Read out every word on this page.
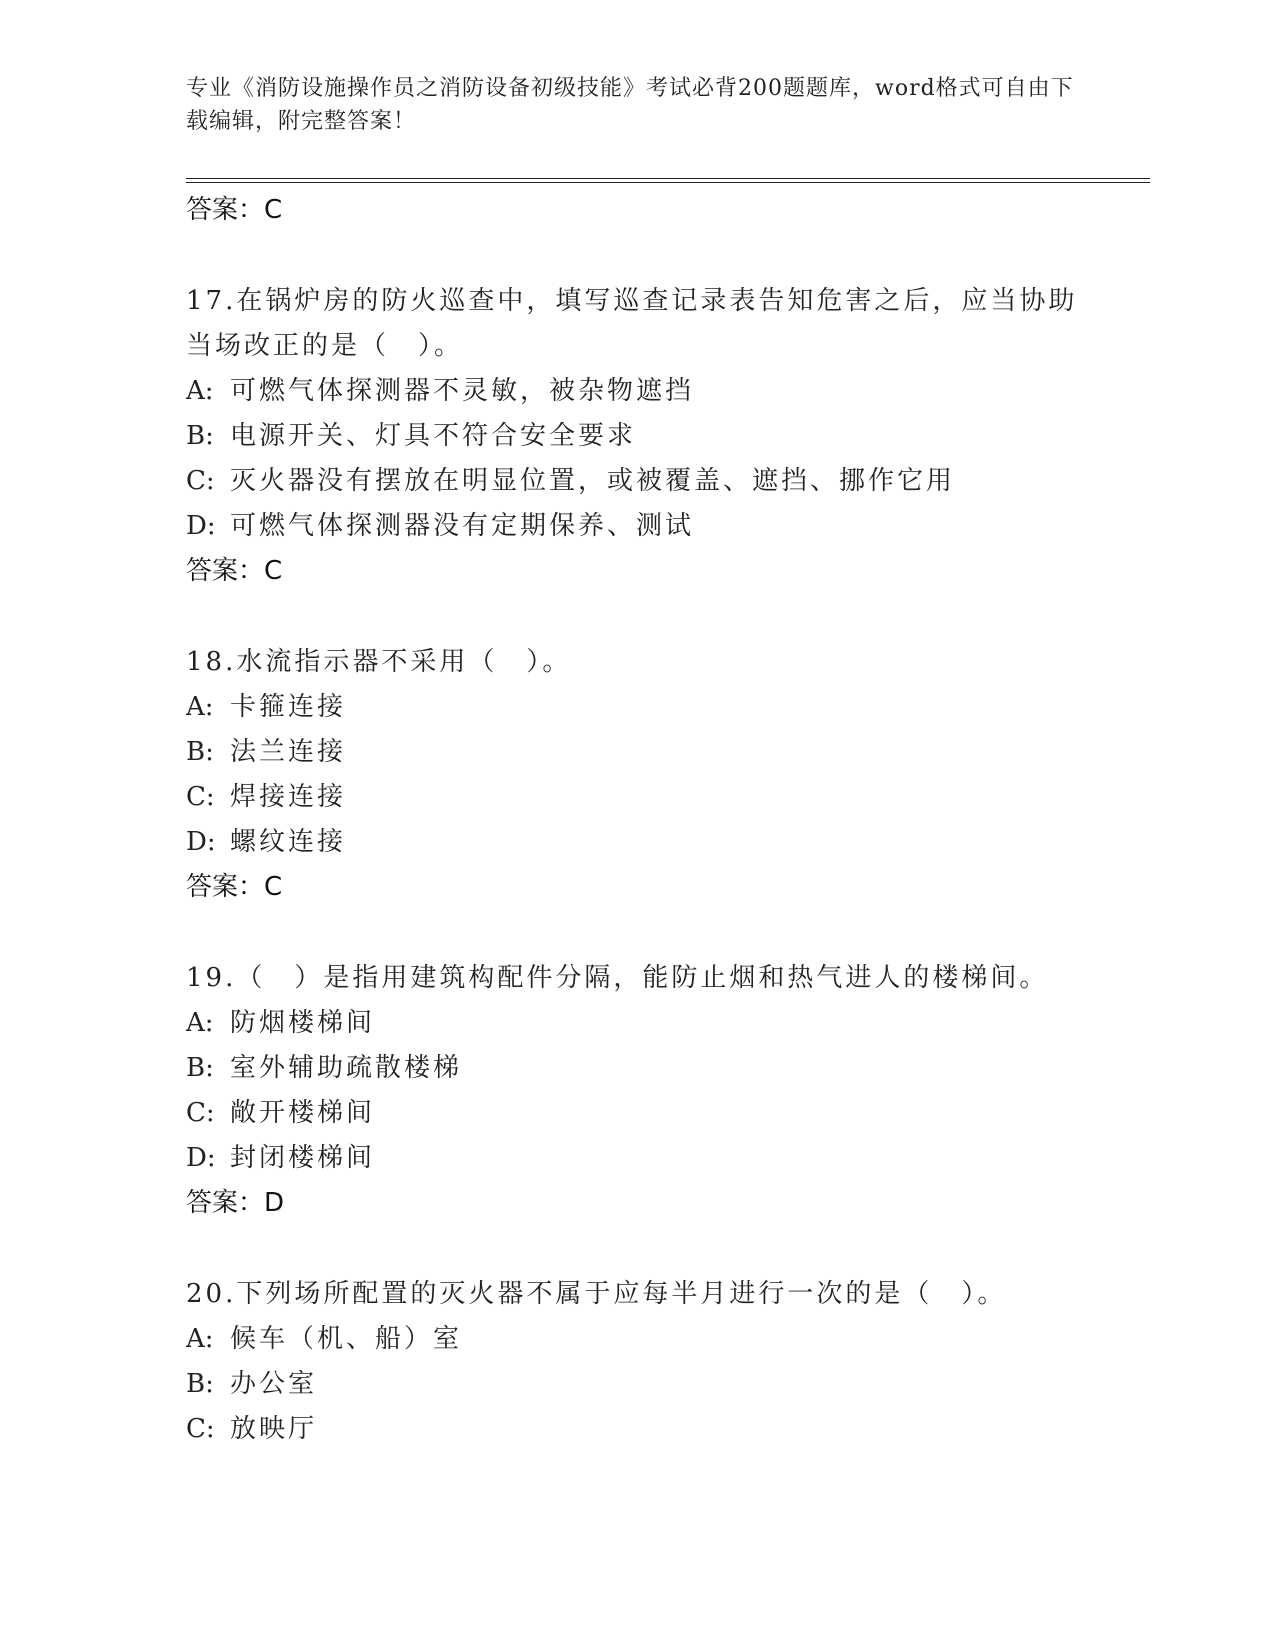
专业《消防设施操作员之消防设备初级技能》考试必背200题题库，word格式可自由下载编辑，附完整答案！
答案：C
17.在锅炉房的防火巡查中，填写巡查记录表告知危害之后，应当协助当场改正的是（　）。
A: 可燃气体探测器不灵敏，被杂物遮挡
B: 电源开关、灯具不符合安全要求
C: 灭火器没有摆放在明显位置，或被覆盖、遮挡、挪作它用
D: 可燃气体探测器没有定期保养、测试
答案：C
18.水流指示器不采用（　）。
A: 卡箍连接
B: 法兰连接
C: 焊接连接
D: 螺纹连接
答案：C
19.（　）是指用建筑构配件分隔，能防止烟和热气进人的楼梯间。
A: 防烟楼梯间
B: 室外辅助疏散楼梯
C: 敞开楼梯间
D: 封闭楼梯间
答案：D
20.下列场所配置的灭火器不属于应每半月进行一次的是（　）。
A: 候车（机、船）室
B: 办公室
C: 放映厅
